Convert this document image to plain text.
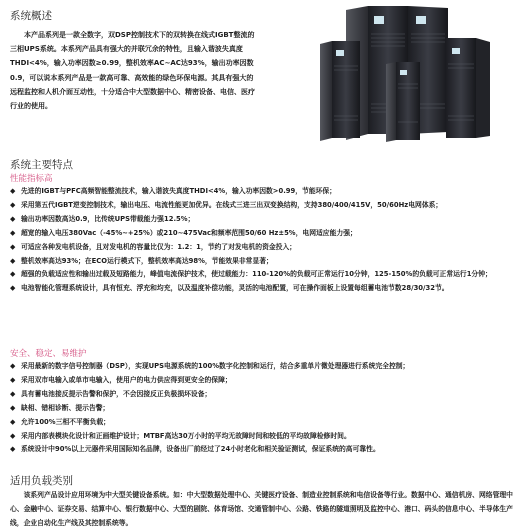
系统概述

本产品系列是一款全数字，双DSP控制技术下的双转换在线式IGBT整流的三相UPS系统。本系列产品具有强大的并联冗余的特性，且输入谐波失真度THDI<4%，输入功率因数≥0.99，整机效率AC~AC达93%，输出功率因数0.9，可以说本系列产品是一款高可靠、高效能的绿色环保电源。其具有强大的远程监控和人机介面互动性，十分适合中大型数据中心、精密设备、电信、医疗行业的使用。

系统主要特点
性能指标高
◆ 先进的IGBT与PFC高频智能整流技术，输入谐波失真度THDI<4%，输入功率因数>0.99，节能环保；
◆ 采用第五代IGBT逆变控制技术，输出电压、电流性能更加优异。在线式三进三出双变换结构，支持380/400/415V，50/60Hz电网体系；
◆ 输出功率因数高达0.9，比传统UPS带载能力强12.5%；
◆ 超宽的输入电压380Vac（-45%~+25%）或210~475Vac和频率范围50/60 Hz±5%，电网适应能力强；
◆ 可适应各种发电机设备，且对发电机的容量比仅为：1.2：1，节约了对发电机的资金投入；
◆ 整机效率高达93%；在ECO运行模式下，整机效率高达98%，节能效果非常显著；
◆ 超强的负载适应性和输出过载及短路能力，峰值电流保护技术，使过载能力：110-120%的负载可正常运行10分钟，125-150%的负载可正常运行1分钟；
◆ 电池智能化管理系统设计，具有恒充、浮充和均充，以及温度补偿功能，灵活的电池配置，可在操作面板上设置每组蓄电池节数28/30/32节。
安全、稳定、易维护
◆ 采用最新的数字信号控制器（DSP），实现UPS电源系统的100%数字化控制和运行，结合多重单片微处理器进行系统完全控制；
◆ 采用双市电输入或单市电输入，使用户的电力供应得到更安全的保障；
◆ 具有蓄电池接反提示告警和保护，不会因接反正负极损坏设备；
◆ 缺相、错相诊断、提示告警；
◆ 允许100%三相不平衡负载；
◆ 采用内部表模块化设计和正画维护设计；MTBF高达30万小时的平均无故障时间和较低的平均故障检修时间。
◆ 系统设计中90%以上元器件采用国际知名品牌，设备出厂前经过了24小时老化和相关验证测试，保证系统的高可靠性。
适用负载类别

该系列产品设计应用环境为中大型关键设备系统。如：中大型数据处理中心、关键医疗设备、制造业控制系统和电信设备等行业。数据中心、通信机房、网络管理中心、金融中心、证券交易、结算中心、银行数据中心、大型的剧院、体育场馆、交通管制中心、公路、铁路的隧道照明及监控中心、港口、码头的信息中心、半导体生产线，企业自动化生产线及其控制系统等。
